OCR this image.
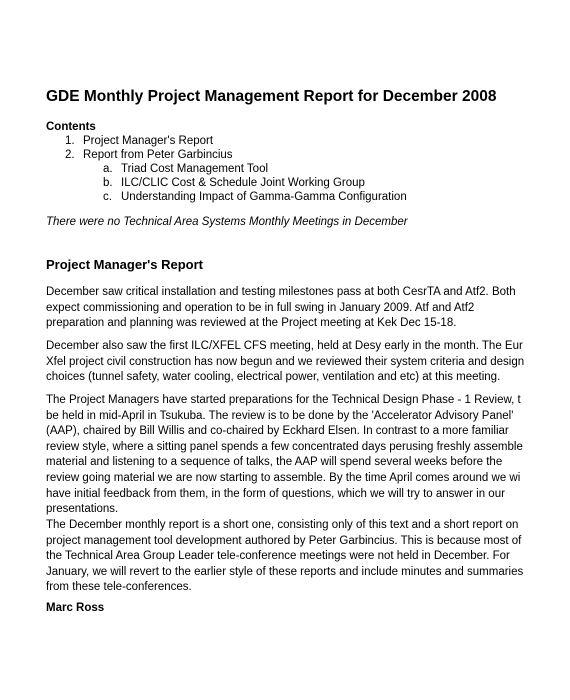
GDE Monthly Project Management Report for December 2008
Contents
1. Project Manager's Report
2. Report from Peter Garbincius
a. Triad Cost Management Tool
b. ILC/CLIC Cost & Schedule Joint Working Group
c. Understanding Impact of Gamma-Gamma Configuration
There were no Technical Area Systems Monthly Meetings in December
Project Manager's Report
December saw critical installation and testing milestones pass at both CesrTA and Atf2. Both
expect commissioning and operation to be in full swing in January 2009. Atf and Atf2
preparation and planning was reviewed at the Project meeting at Kek Dec 15-18.
December also saw the first ILC/XFEL CFS meeting, held at Desy early in the month. The Eur
Xfel project civil construction has now begun and we reviewed their system criteria and design
choices (tunnel safety, water cooling, electrical power, ventilation and etc) at this meeting.
The Project Managers have started preparations for the Technical Design Phase - 1 Review, t
be held in mid-April in Tsukuba. The review is to be done by the 'Accelerator Advisory Panel'
(AAP), chaired by Bill Willis and co-chaired by Eckhard Elsen. In contrast to a more familiar
review style, where a sitting panel spends a few concentrated days perusing freshly assemble
material and listening to a sequence of talks, the AAP will spend several weeks before the
review going material we are now starting to assemble. By the time April comes around we wi
have initial feedback from them, in the form of questions, which we will try to answer in our
presentations.
The December monthly report is a short one, consisting only of this text and a short report on
project management tool development authored by Peter Garbincius. This is because most of
the Technical Area Group Leader tele-conference meetings were not held in December. For
January, we will revert to the earlier style of these reports and include minutes and summaries
from these tele-conferences.
Marc Ross
